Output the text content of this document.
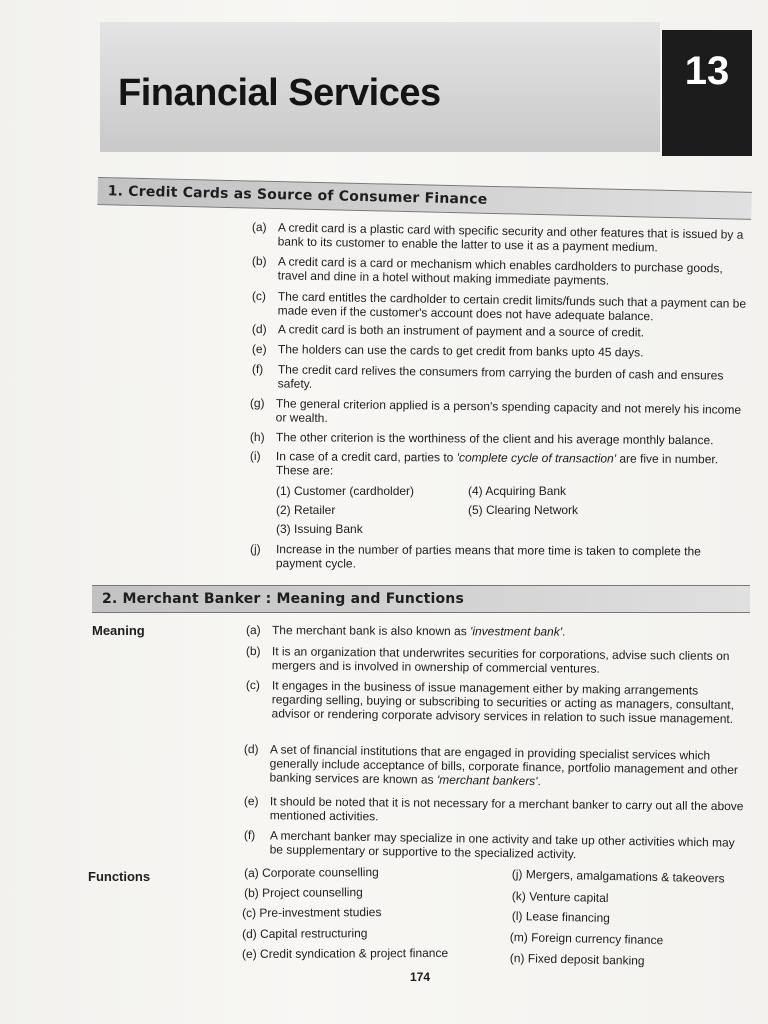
Financial Services	13
1. Credit Cards as Source of Consumer Finance
(a) A credit card is a plastic card with specific security and other features that is issued by a bank to its customer to enable the latter to use it as a payment medium.
(b) A credit card is a card or mechanism which enables cardholders to purchase goods, travel and dine in a hotel without making immediate payments.
(c) The card entitles the cardholder to certain credit limits/funds such that a payment can be made even if the customer's account does not have adequate balance.
(d) A credit card is both an instrument of payment and a source of credit.
(e) The holders can use the cards to get credit from banks upto 45 days.
(f)	The credit card relives the consumers from carrying the burden of cash and ensures safety.
(g) The general criterion applied is a person's spending capacity and not merely his income or wealth.
(h) The other criterion is the worthiness of the client and his average monthly balance.
(i)	In case of a credit card, parties to 'complete cycle of transaction' are five in number. These are:
(1) Customer (cardholder)
(2) Retailer
(3) Issuing Bank
(4) Acquiring Bank
(5) Clearing Network
(j)	Increase in the number of parties means that more time is taken to complete the payment cycle.
2. Merchant Banker : Meaning and Functions
Meaning	(a) The merchant bank is also known as 'investment bank'.
(b) It is an organization that underwrites securities for corporations, advise such clients on mergers and is involved in ownership of commercial ventures.
(c) It engages in the business of issue management either by making arrangements regarding selling, buying or subscribing to securities or acting as managers, consultant, advisor or rendering corporate advisory services in relation to such issue management.
(d) A set of financial institutions that are engaged in providing specialist services which generally include acceptance of bills, corporate finance, portfolio management and other banking services are known as 'merchant bankers'.
(e) It should be noted that it is not necessary for a merchant banker to carry out all the above mentioned activities.
(f)	A merchant banker may specialize in one activity and take up other activities which may be supplementary or supportive to the specialized activity.
Functions	(a) Corporate counselling
(b) Project counselling
(c) Pre-investment studies
(d) Capital restructuring
(e) Credit syndication & project finance
(j) Mergers, amalgamations & takeovers
(k) Venture capital
(l) Lease financing
(m) Foreign currency finance
(n) Fixed deposit banking
174
